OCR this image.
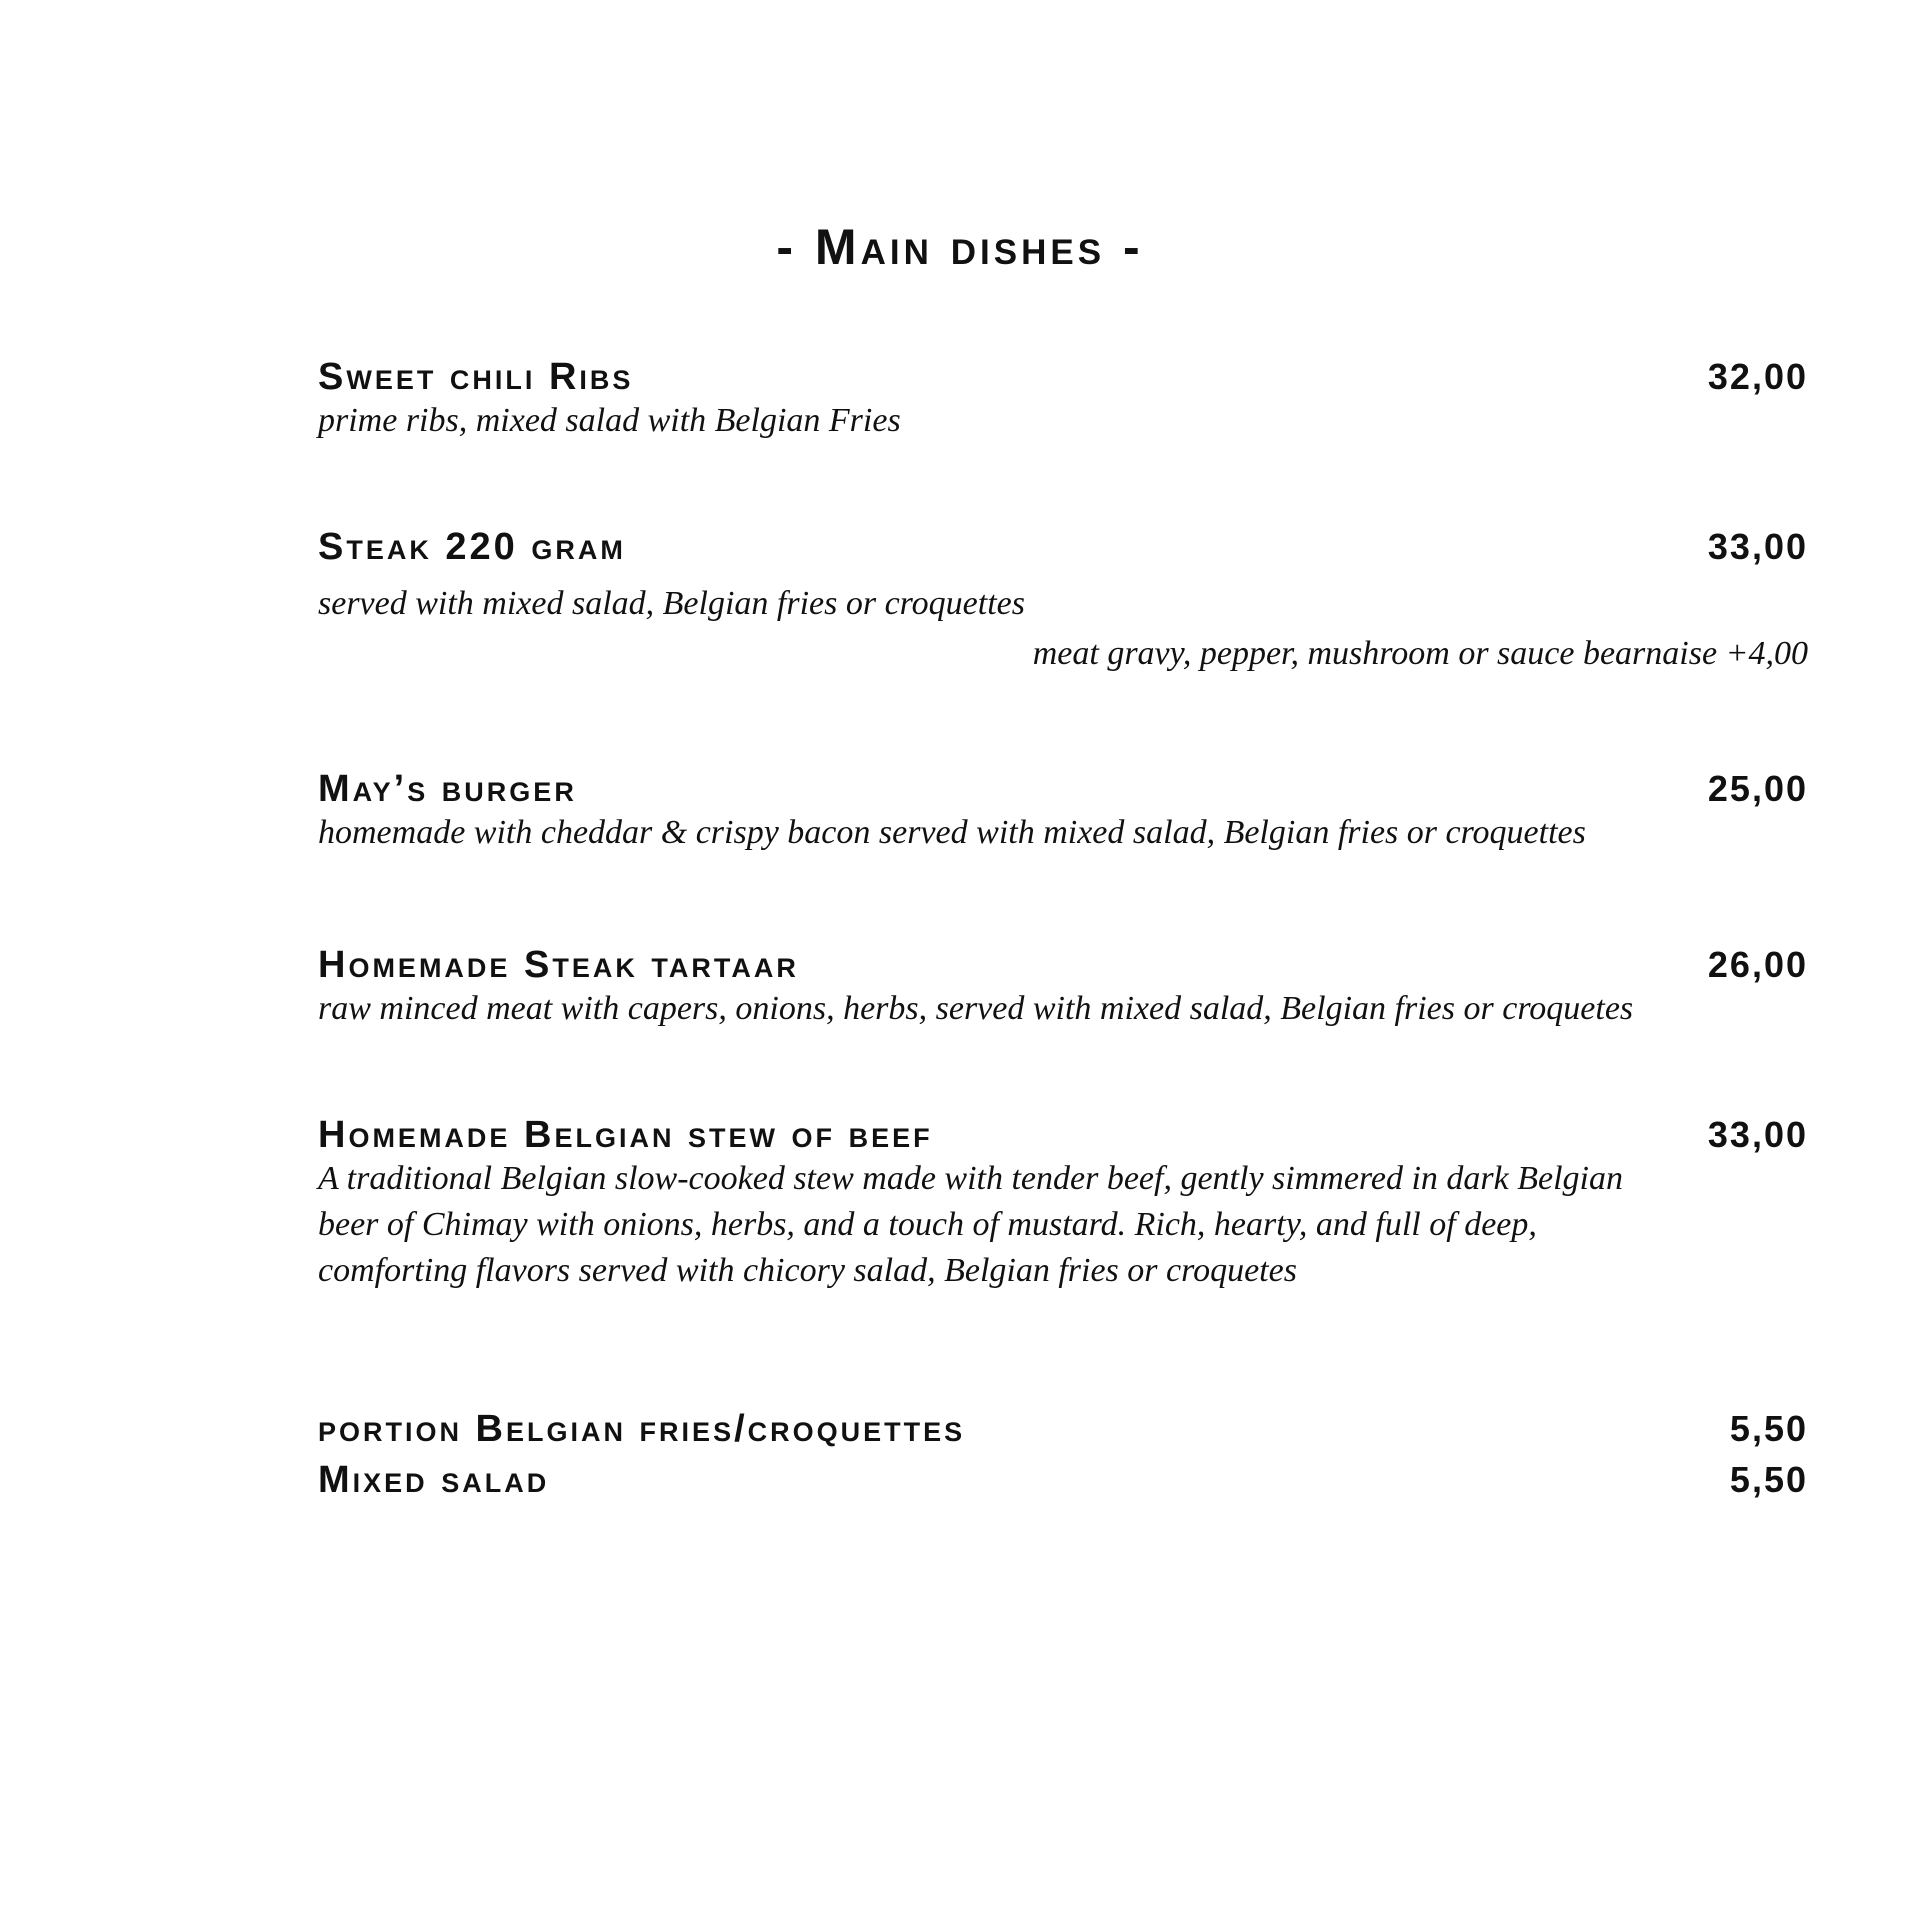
- Main dishes -
Sweet chili Ribs	32,00

prime ribs, mixed salad with Belgian Fries

Steak 220 gram	33,00

served with mixed salad, Belgian fries or croquettes

meat gravy, pepper, mushroom or sauce bearnaise +4,00

May’s burger	25,00

homemade with cheddar & crispy bacon served with mixed salad, Belgian fries or croquettes

Homemade Steak tartaar	26,00

raw minced meat with capers, onions, herbs, served with mixed salad, Belgian fries or croquetes

Homemade Belgian stew of beef	33,00

A traditional Belgian slow-cooked stew made with tender beef, gently simmered in dark Belgian

beer of Chimay with onions, herbs, and a touch of mustard. Rich, hearty, and full of deep,

comforting flavors served with chicory salad, Belgian fries or croquetes

portion Belgian fries/croquettes	5,50
Mixed salad	5,50
